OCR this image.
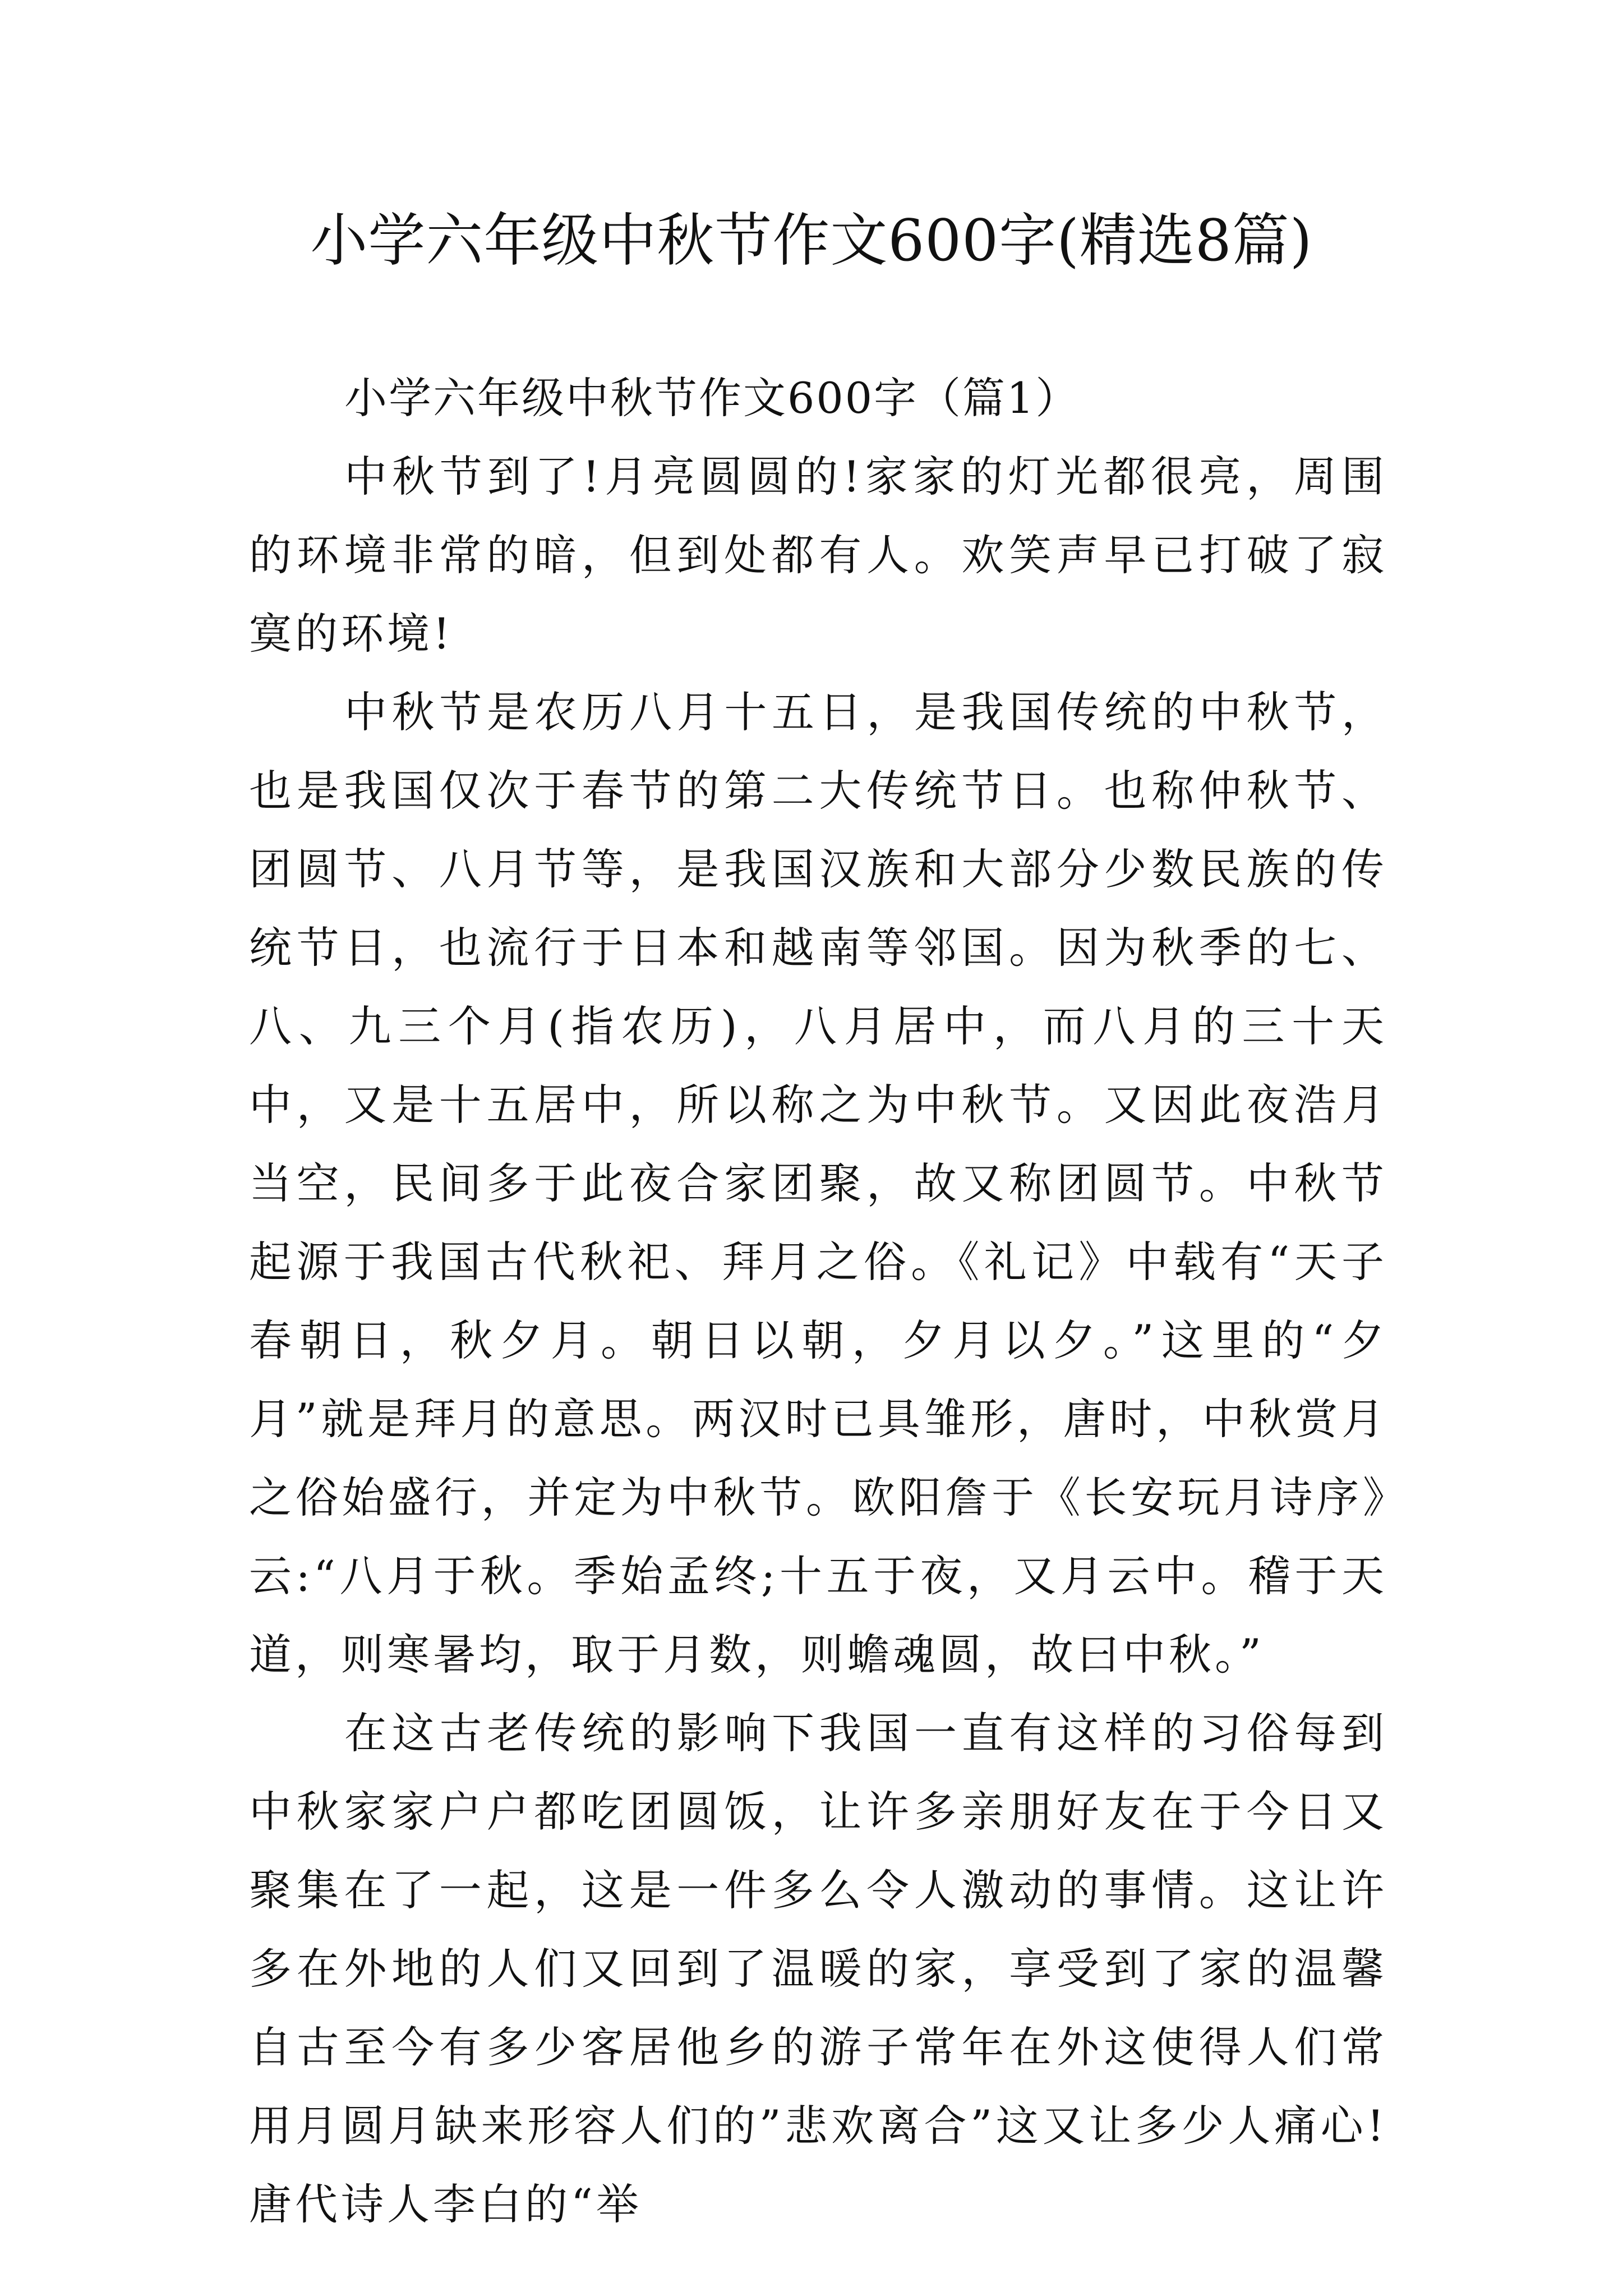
小学六年级中秋节作文600字(精选8篇)

小学六年级中秋节作文600字（篇1）

中秋节到了!月亮圆圆的!家家的灯光都很亮，周围的环境非常的暗，但到处都有人。欢笑声早已打破了寂寞的环境!

中秋节是农历八月十五日，是我国传统的中秋节，也是我国仅次于春节的第二大传统节日。也称仲秋节、团圆节、八月节等，是我国汉族和大部分少数民族的传统节日，也流行于日本和越南等邻国。因为秋季的七、八、九三个月(指农历)，八月居中，而八月的三十天中，又是十五居中，所以称之为中秋节。又因此夜浩月当空，民间多于此夜合家团聚，故又称团圆节。中秋节起源于我国古代秋祀、拜月之俗。《礼记》中载有“天子春朝日，秋夕月。朝日以朝，夕月以夕。”这里的“夕月”就是拜月的意思。两汉时已具雏形，唐时，中秋赏月之俗始盛行，并定为中秋节。欧阳詹于《长安玩月诗序》云:“八月于秋。季始孟终;十五于夜，又月云中。稽于天道，则寒暑均，取于月数，则蟾魂圆，故曰中秋。”

在这古老传统的影响下我国一直有这样的习俗每到中秋家家户户都吃团圆饭，让许多亲朋好友在于今日又聚集在了一起，这是一件多么令人激动的事情。这让许多在外地的人们又回到了温暖的家，享受到了家的温馨自古至今有多少客居他乡的游子常年在外这使得人们常用月圆月缺来形容人们的”悲欢离合”这又让多少人痛心!唐代诗人李白的“举
